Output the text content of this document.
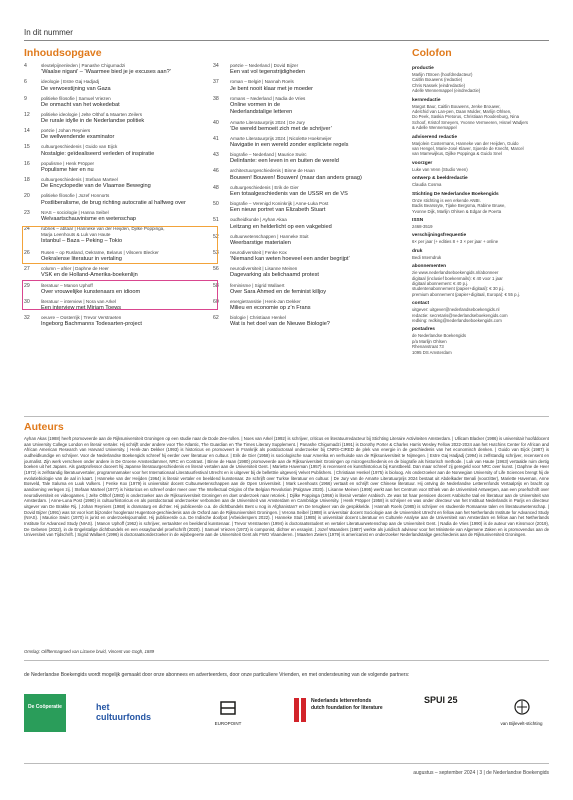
In dit nummer
Inhoudsopgave	Colofon
4	sleutelpijnenleden | Panashe Chigumadzi
‘Waalse nigani’ – ‘Waarmee bied je je excuses aan?’
6	ideologie | Estre Gaj Hadjadj
De verwoestijning van Gaza
9	politieke filosofie | Samuel Vriezen
De onmacht van het wokedebat
12 politieke ideologie | Jelte Olthof & Maarten Zeilers
De rurale idylle in de Nederlandse politiek
14 poëzie | Johan Reyniers
De wellwendende examinator
15 cultuurgeschiedenis | Guido van Eijck
Nostalgie: geïdealiseerd verleden of inspiratie
16 populisme | Henk Pröpper
Populisme hier en nu
18 cultuurgeschiedenis | Stefaan Marteel
De Encyclopedie van de Vlaamse Beweging
20 politieke filosofie | Jozef Honnorts
Postliberalisme, de brug richting autocratie al halfweg over
23 NIAS – sociologie | Hanna Seibel
Welvaartschauvinisme en wetenschap
24 rubriek – abtaar | Hanneke van der Heijden, Djilke Poppinga,
Marja Leenhouts & Luk van Haute
Istanbul – Baza – Peking – Tokio
26 Rusen – op Rusland, Oekraïne, Belarus | Vilsoem Blecker
Oekraïense literatuur in vertaling
27 column – afrier | Daphne de Heer
VSK en de Holland-Amerika-boekenlijn
29 literatuur – Manon Uphoff
Over vrouwelijke kunstenaars en idioom
30 literatuur – interview | Nora van Arkel
Een interview met Miriam Toews
32 oeuvre – Oosterrijk | Trevor Verstraeten
Ingeborg Bachmanns Todesarten-project
34 poëzie – Nederland | Dovid Bijzer
Een vat vol tegenstrijdigheden
37 roman – België | Nannah Roels
Je bent nooit klaar met je moeder
38 romans – Nederland | Nadia de Vries
Online vormen in de
Nederlandstalige letteren
40 Amarte Literatuurprijs 2024 | De Jury
‘De wereld bemoeit zich met de schrijver’
41 Amarte Literatuurprijs 2024 | Nicolette Hoekmeijer
Navigatie in een wereld zonder expliciete regels
43 biografie – Nederland | Maurice Swirc
Delinfante: een leven in en buiten de wereld
46 architectuurgeschiedenis | Binne de Haan
Bouwen! Bouwen! Bouwen! (maar dan anders graag)
48 cultuurgeschiedenis | Erik de Gier
Een totaalgeschiedenis van de USSR en de VS
50 biografie – Verenigd Koninkrijk | Anne-Luka Post
Een nieuw portret van Elizabeth Stuart
51 oudheidkunde | Ayhan Akaa
Leitzang en helderlicht op een vakgebied
52 cultuurwetenschappen | Hanneke Stuit
Weerbarstige materialen
53 neurodiversiteit | Fenke Kox
‘Niemand kan weten hoeveel een ander begrijpt’
56 neurodiversiteit | Lisanne Meinen
Dagevarking als belichaamd protest
58 feminisme | Sigrid Wallaert
Over Sara Ahmed en de feminist killjoy
60 energietransitie | Henk-Jan Dekker
Milieu en economie op z’n Frans
62 biologie | Christiaan Henkel
Wat is het doel van de Nieuwe Biologie?
productie
Marlijn t’Broen (hoofdredacteur)
Caitlin Bouwens (redactie)
Chris Nassek (eindredactie)
Adelle Wennemappel (eindredactie)
kernredactie
Margot Baur, Caitlin Bouwens, Jenke Brouwer,
Adelchid van Lan-pen, Daan Mulder, Marlijn Ohlsen,
Do Peek, Saskia Pretorus, Christiaan Roodenburg, Nina
Schoof, Kristof Smeyers, Yvonne Vermeeren, Hisnel Wadjers
& Adelle Wennemappel
adviserend redactie
Marjolein Costermans, Hanneke van der Heijden, Guido
van Hengel, Marie-José Klaver, Sjoerde de Knecht, Marcel
van Marrewijkus, Djilke Poppinga & Guido Snel
voorzger
Luke van Venn (Studio Veen)
ontwerp & beeldredactie
Claudia Cosma
Stichting De Nederlandse Boekengids
Onze stichting is een erkende ANBI.
Badis Bearssyte, Tijake Bergsma, Rabine Bruwe,
Yvonne Dijk, Marlijn Ohlsen & Edgar de Poerta
ISSN
2468-3519
verschijningsfrequentie
6× per jaar (+ edities 8 + 3 × per jaar + online
druk
Bedi Interndruk
abonnementen
zie www.nederlandseboekengids.nl/abonneer
digitaal (inclusief boekenmails): € 40 voor 1 jaar
digitaal abonnement: € 40 p.j.
studentenabonnement (papier+digitaal): € 30 p.j.
premium abonnement (papier+digitaal, Europa): € 55 p.j.
contact
uitgever: uitgever@nederlandseboekengids.nl
redactie: secretaris@nederlandseboekengids.com
redking: redking@nederlandseboekengids.com
postadres
de Nederlandse Boekengids
p/a Marlijn Ohlsen
Rhenanstraat 73
1095 DS Amsterdam
Auteurs
Ayhan Akas (1988) heeft promoveerde aan de Rijksuniversiteit Groningen op een studie naar de Dode Zee-rollen. | Noes van Arkel (1992) is schrijver, criticus en literatuurredacteur bij Stichting Literaire Activiteiten Amsterdam. | Ullicam Blacker (1986) is universitair hoofddocent aan University College London en literair vertaler. Hij schrijft onder andere voor The Atlantic, The Guardian en The Times Literary Supplement. | Panashe Chigumadzi (1991) is Dorothy Porter & Charles Harris Wesley Fellow 2022-2024 aan het Hutchins Center for African and African American Research van Harvard University. | Henk-Jan Dekker (1993) is historicus en promoveert in Frankrijk als postdoctoraal onderzoeker bij CNRS-CIRED de plek van energie in de geschiedenis van het economisch denken. | Guido van Eijck (1987) is oudheidkundige en schrijver. Voor de Nederlandse Boekengids schreef hij eerder over literatuur en cultuur. | Erik de Gier (1958) is sociologische naar Amerika en verhuisde van de Rijksuniversiteit te Nijmegen. | Estre Gaj Hadjadj (1994) is zelfstandig schrijver, recensent en journalist. Zijn werk verscheen onder andere in De Groene Amsterdammer, NRC en Contrast. | Binne de Haan (1980) promoveerde aan de Rijksuniversiteit Groningen op microgeschiedenis en de biografie als historisch methode. | Luk van Haute (1963) vertaalde ruim dertig boeken uit het Japans. Als gastprofessor doceert hij Japanse literatuurgeschiedenis en literair vertalen aan de Universiteit Gent. | Mariette Haveman (1957) is recensent en kunsthistoricus bij Kunstbeeld. Dan maar schreef zij geregeld voor NRC over kunst. | Daphne de Heer (1972) is zelfstandig literatuurvertaler, programmamaker voor het Internationaal Literatuurfestival Utrecht en is uitgever bij de bellettrie uitgeverij Velvet Publishers. | Christiaan Henkel (1975) is bioloog. Als onderzoeker aan de Norwegian University of Life Sciences brengt hij de evolutiebiologie van de aal in kaart. | Hanneke van der Heijden (1964) is literair vertaler en beeldend kunstenaar. Ze schrijft over Turkse literatuur en cultuur. | De Jury van de Amarte Literatuurprijs 2024 bestaat uit Abdelkader Benali (voorzitter), Mariette Haveman, Anne Bosveld, Tale Saluma en Luuk Vulkers. | Fenke Kox (1979) is universitair docent Cultuurwetenschappen aan de Open Universiteit. | Mark Leenhouts (1966) vertaalt en schrijft over Chinese literatuur. Hij ontving de Nederlandse Letterenfonds Vertaalprijs en bracht op aandoening verlegen zij. | Stefaan Marteel (1977) is historicus en schreef onder meer over The Intellectual Origins of the Belgian Revolution (Palgrave 2020). | Lisanne Meinen (1995) werkt aan het Centrum voor Ethiek van de Universiteit Antwerpen, aan een proefschrift over neurodiversiteit en videogames. | Jelte Olthof (1983) is onderzoeker aan de Rijksuniversiteit Groningen en doet onderzoek naar retoriek. | Djilke Poppinga (1956) is literair vertaler Arabisch. Ze was tot haar pensioen docent Arabische taal en literatuur aan de Universiteit van Amsterdam. | Anne-Luna Post (1990) is cultuurhistoricus en als postdoctoraal onderzoeker verbonden aan de Universiteit van Amsterdam en Cambridge University. | Henk Pröpper (1958) is schrijver en was onder directeur van het Instituut Nederlands in Parijs en directeur uitgever van De Brakke Rij. | Johan Reyniers (1968) is dramaturg en dichter. Hij publiceerde o.a. de dichtbundels Bent u nog in Afghanistan? en De terugkeer van de gespikkelde. | Hannah Roels (1985) is schrijver en studeerde Romaanse talen en literatuurwetenschap. | Dovid Bijzer (1991) was tot voor kort bijzonder hoogleraar Hugentoot-geschiedenis aan de Oxford aan de Rijksuniversiteit Groningen. | Verona Seibel (1988) is universitair docent Sociologie aan de Universiteit Utrecht en fellow aan het Netherlands Institute for Advanced Study (NIAS). | Maurice Swirc (1970) is jurist en onderzoeksjournalist. Hij publiceerde o.a. De Indische doofpot (Arbeiderspers 2022). | Hanneke Stuit (1985) is universitair docent Literatuur en Culturele Analyse aan de Universiteit van Amsterdam en fellow aan het Netherlands Institute for Advanced Study (NIAS). | Manon Uphoff (1962) is schrijver, vertaalster en beeldend kunstenaar. | Trevor Verstraeten (1994) is doctoraatsstudent en vertaler Literatuurwetenschap aan de Universiteit Gent. | Nadia de Vries (1990) is de auteur van Kinsmoor (2019), De Gebeten (2022), in de Engelstalige dichtbundels en een essaybundel proefschrift (2020). | Samuel Vriezen (1973) is componist, dichter en essayist. | Jozef Waanders (1987) werkte als juridisch adviseur voor het Ministerie van Algemene Zaken en is promovendus aan de Universiteit van Tijdschrift. | Sigrid Wallaert (1996) is doctoraatsonderzoeker in de wijsbegeerte aan de Universiteit Gent als FWO Vlaanderen. | Maarten Zwiers (1979) is americanist en onderzoeker Nederlandstalige geschiedenis aan de Rijksuniversiteit Groningen.
Omslag: Olifftermagroed van Lizavne bruid, Vincent van Gogh, 1889
de Nederlandse Boekengids wordt mogelijk gemaakt door onze abonnees en adverteerders, door onze particuliere Vrienden, en met ondersteuning van de volgende partners:
De Coöperatie	het cultuurfonds
EUROPOINT
Nederlands letterenfonds dutch foundation for literature
SPUI 25
van Bijlevelt-stichting
augustus – september 2024 | 3 | de Nederlandse Boekengids
